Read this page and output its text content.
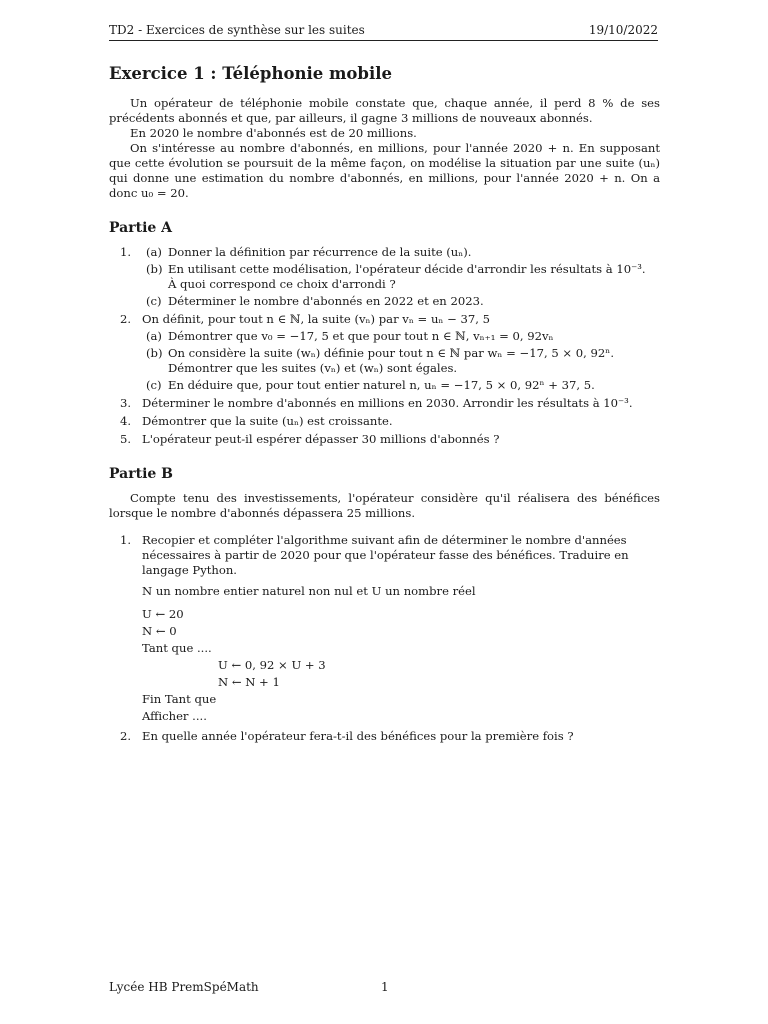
TD2 - Exercices de synthèse sur les suites	19/10/2022
Exercice 1 : Téléphonie mobile

Un opérateur de téléphonie mobile constate que, chaque année, il perd 8 % de ses précédents abonnés et que, par ailleurs, il gagne 3 millions de nouveaux abonnés.

En 2020 le nombre d'abonnés est de 20 millions.

On s'intéresse au nombre d'abonnés, en millions, pour l'année 2020 + n. En supposant que cette évolution se poursuit de la même façon, on modélise la situation par une suite (uₙ) qui donne une estimation du nombre d'abonnés, en millions, pour l'année 2020 + n. On a donc u₀ = 20.

Partie A
1. (a) Donner la définition par récurrence de la suite (uₙ).
(b) En utilisant cette modélisation, l'opérateur décide d'arrondir les résultats à 10⁻³.
À quoi correspond ce choix d'arrondi ?
(c) Déterminer le nombre d'abonnés en 2022 et en 2023.
2. On définit, pour tout n ∈ ℕ, la suite (vₙ) par vₙ = uₙ − 37, 5
(a) Démontrer que v₀ = −17, 5 et que pour tout n ∈ ℕ, vₙ₊₁ = 0, 92vₙ
(b) On considère la suite (wₙ) définie pour tout n ∈ ℕ par wₙ = −17, 5 × 0, 92ⁿ.
Démontrer que les suites (vₙ) et (wₙ) sont égales.
(c) En déduire que, pour tout entier naturel n, uₙ = −17, 5 × 0, 92ⁿ + 37, 5.
3. Déterminer le nombre d'abonnés en millions en 2030. Arrondir les résultats à 10⁻³.
4. Démontrer que la suite (uₙ) est croissante.
5. L'opérateur peut-il espérer dépasser 30 millions d'abonnés ?
Partie B

Compte tenu des investissements, l'opérateur considère qu'il réalisera des bénéfices lorsque le nombre d'abonnés dépassera 25 millions.

1. Recopier et compléter l'algorithme suivant afin de déterminer le nombre d'années nécessaires à partir de 2020 pour que l'opérateur fasse des bénéfices. Traduire en langage Python.
N un nombre entier naturel non nul et U un nombre réel
U ← 20
N ← 0
Tant que ....
U ← 0, 92 × U + 3
N ← N + 1
Fin Tant que
Afficher ....
2. En quelle année l'opérateur fera-t-il des bénéfices pour la première fois ?
Lycée HB PremSpéMath	1
